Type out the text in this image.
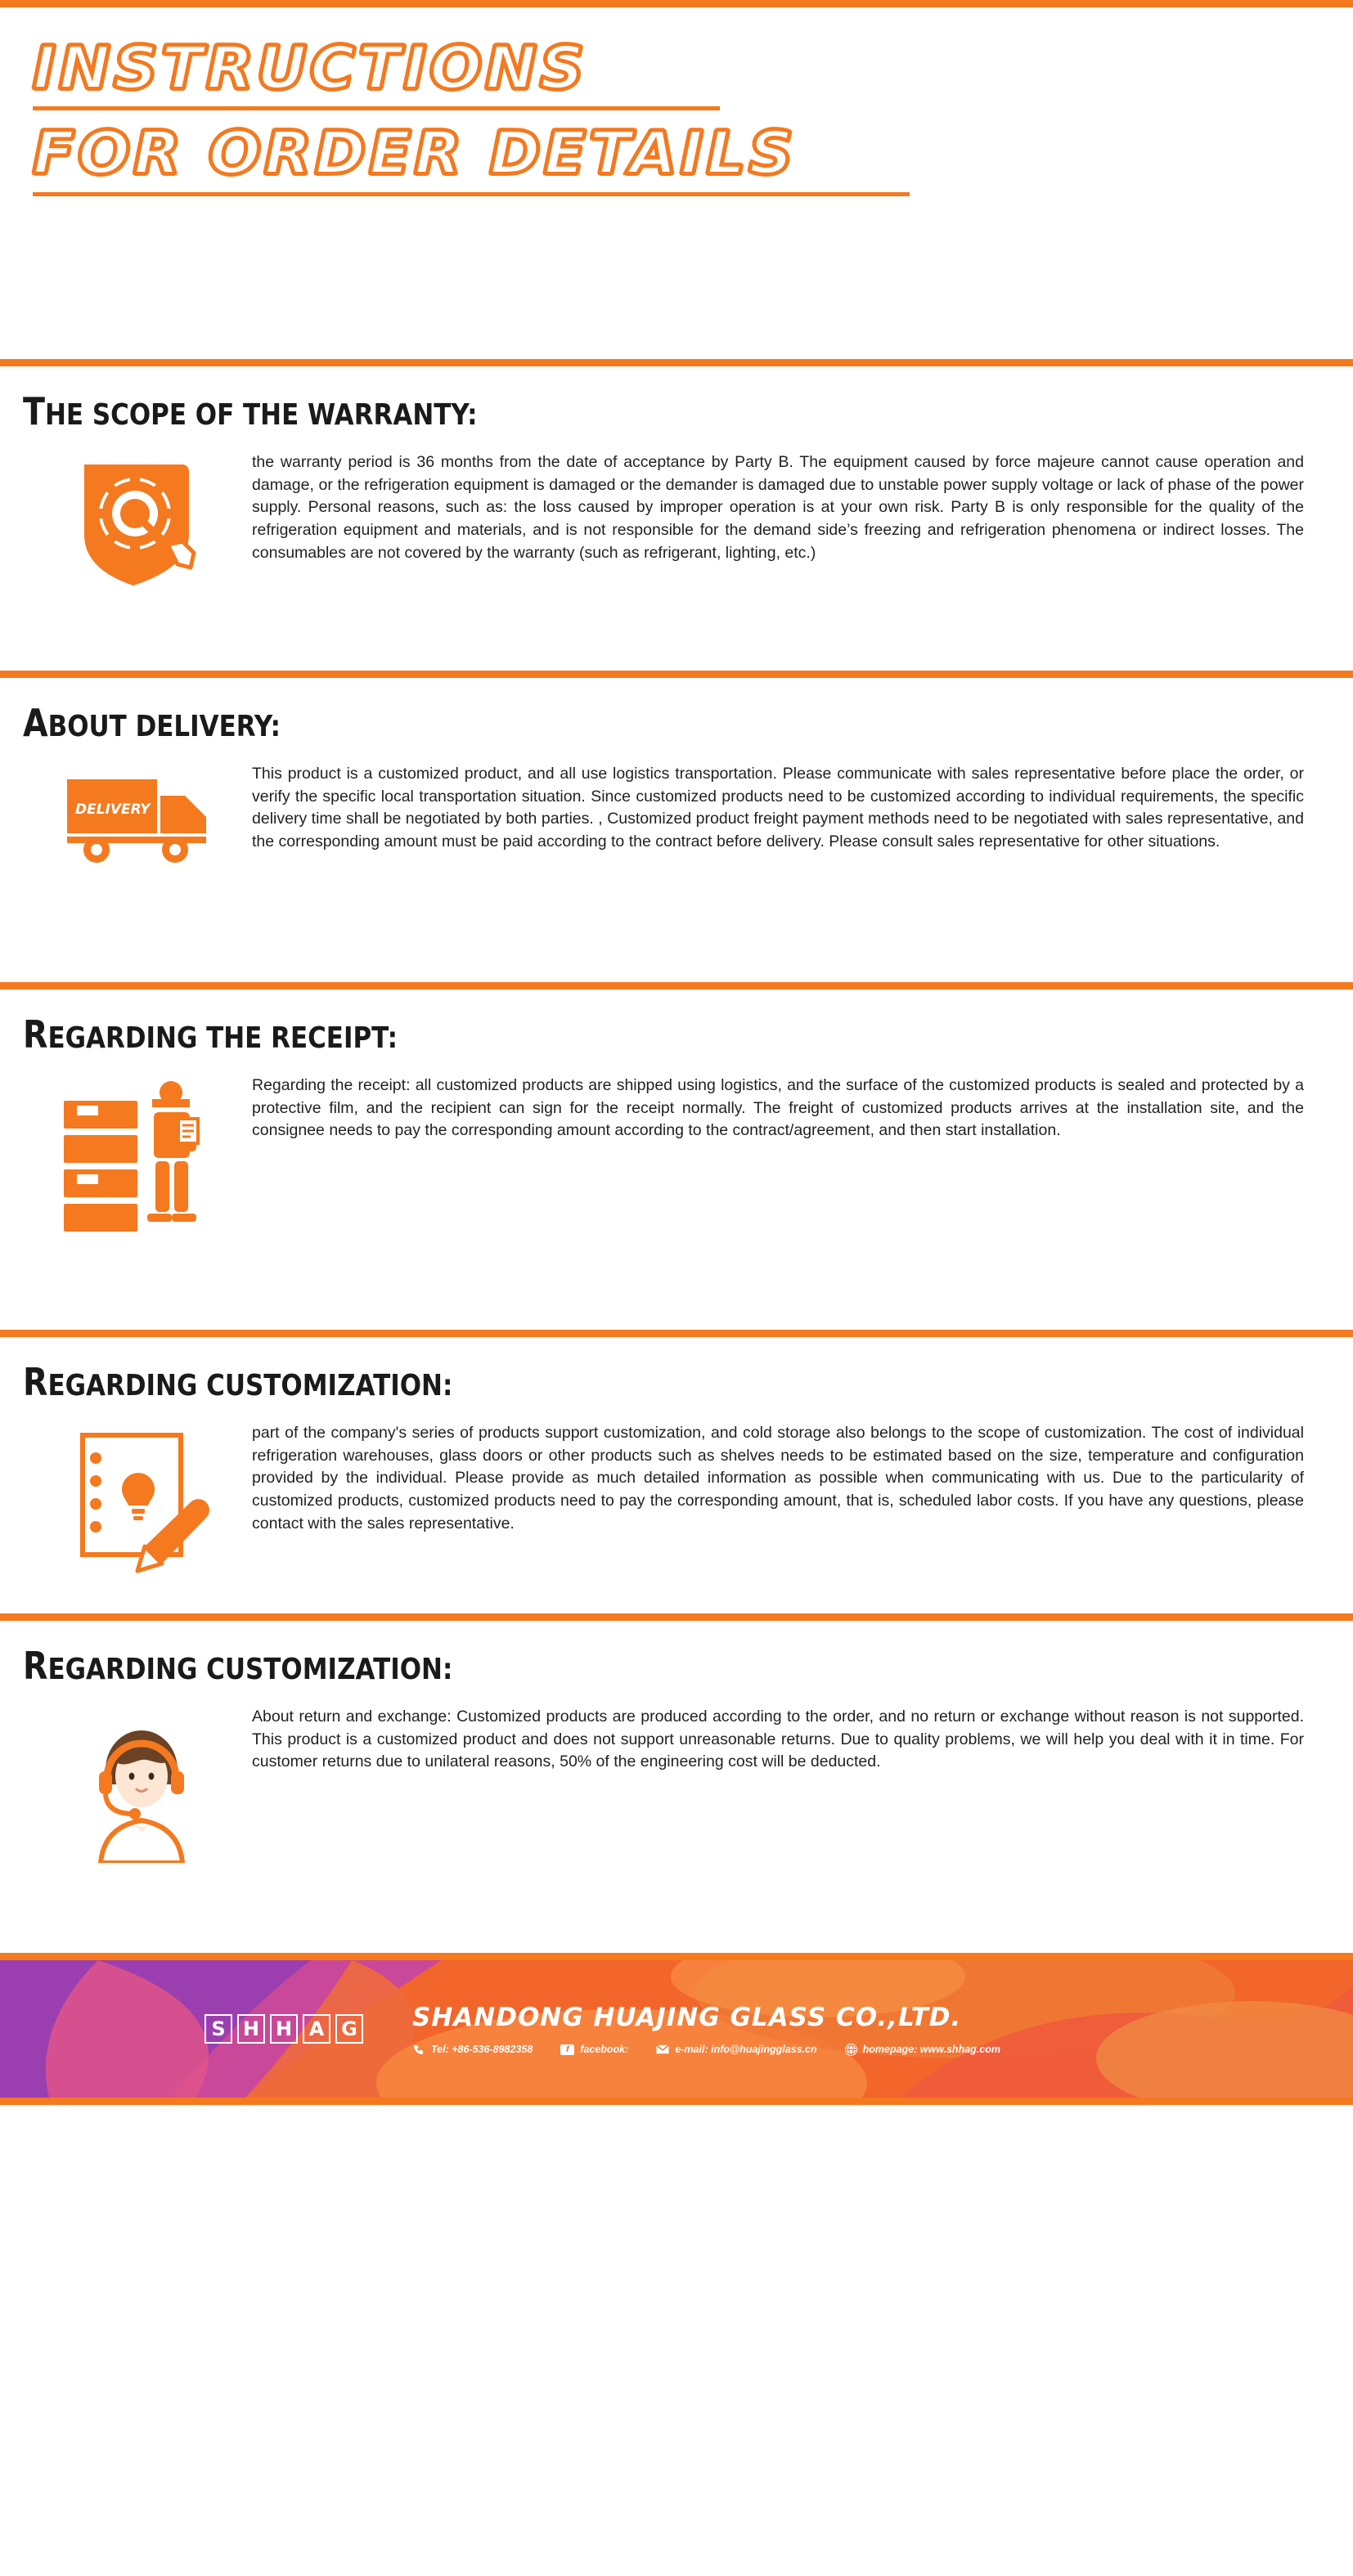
INSTRUCTIONS
FOR ORDER DETAILS
THE SCOPE OF THE WARRANTY:

the warranty period is 36 months from the date of acceptance by Party B. The equipment caused by force majeure cannot cause operation and damage, or the refrigeration equipment is damaged or the demander is damaged due to unstable power supply voltage or lack of phase of the power supply. Personal reasons, such as: the loss caused by improper operation is at your own risk. Party B is only responsible for the quality of the refrigeration equipment and materials, and is not responsible for the demand side’s freezing and refrigeration phenomena or indirect losses. The consumables are not covered by the warranty (such as refrigerant, lighting, etc.)

ABOUT DELIVERY:
DELIVERY

This product is a customized product, and all use logistics transportation. Please communicate with sales representative before place the order, or verify the specific local transportation situation. Since customized products need to be customized according to individual requirements, the specific delivery time shall be negotiated by both parties. , Customized product freight payment methods need to be negotiated with sales representative, and the corresponding amount must be paid according to the contract before delivery. Please consult sales representative for other situations.

REGARDING THE RECEIPT:

Regarding the receipt: all customized products are shipped using logistics, and the surface of the customized products is sealed and protected by a protective film, and the recipient can sign for the receipt normally. The freight of customized products arrives at the installation site, and the consignee needs to pay the corresponding amount according to the contract/agreement, and then start installation.

REGARDING CUSTOMIZATION:

part of the company's series of products support customization, and cold storage also belongs to the scope of customization. The cost of individual refrigeration warehouses, glass doors or other products such as shelves needs to be estimated based on the size, temperature and configuration provided by the individual. Please provide as much detailed information as possible when communicating with us. Due to the particularity of customized products, customized products need to pay the corresponding amount, that is, scheduled labor costs. If you have any questions, please contact with the sales representative.

REGARDING CUSTOMIZATION:

About return and exchange: Customized products are produced according to the order, and no return or exchange without reason is not supported. This product is a customized product and does not support unreasonable returns. Due to quality problems, we will help you deal with it in time. For customer returns due to unilateral reasons, 50% of the engineering cost will be deducted.

S H H A G SHANDONG HUAJING GLASS CO.,LTD.
Tel: +86-536-8982358	f	facebook:	e-mail: info@huajingglass.cn	homepage: www.shhag.com
